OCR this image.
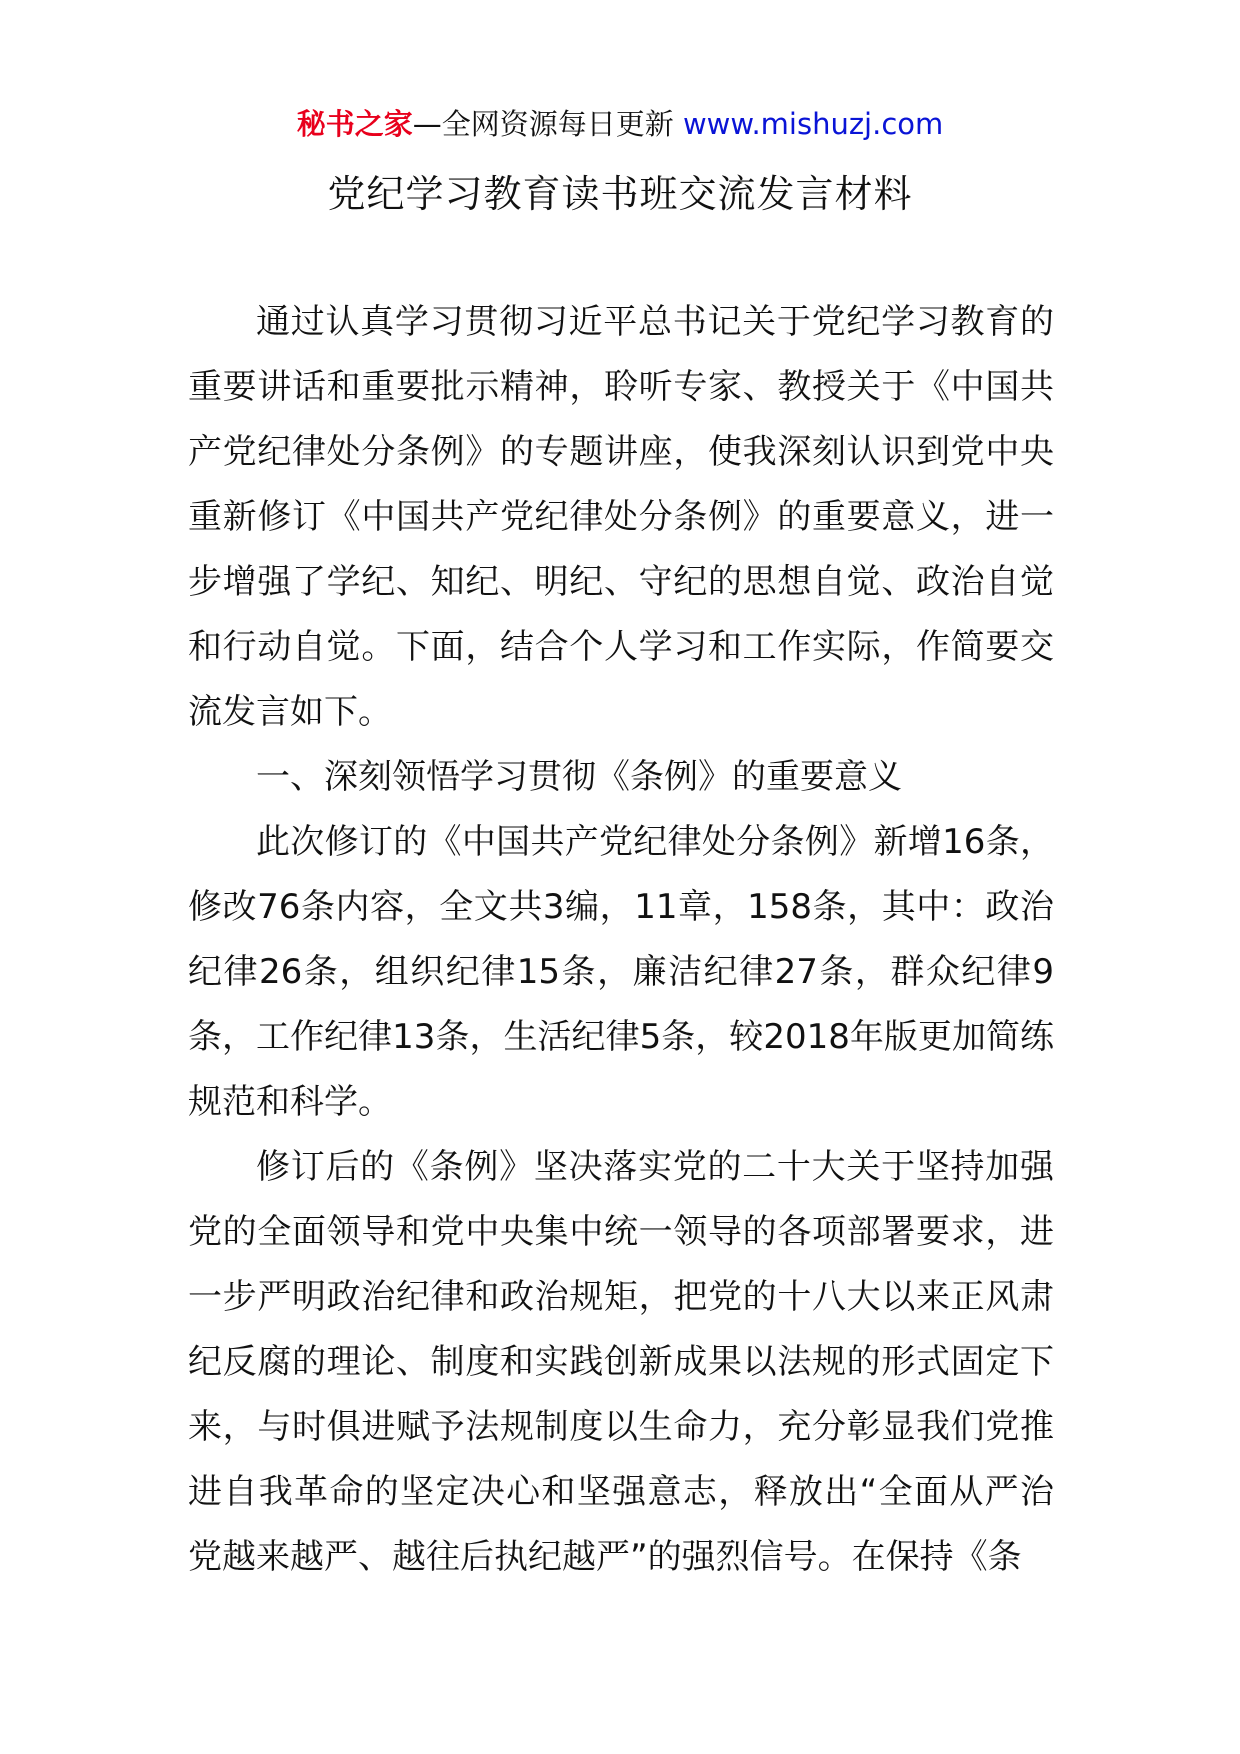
秘书之家—全网资源每日更新 www.mishuzj.com
党纪学习教育读书班交流发言材料

通过认真学习贯彻习近平总书记关于党纪学习教育的重要讲话和重要批示精神，聆听专家、教授关于《中国共产党纪律处分条例》的专题讲座，使我深刻认识到党中央重新修订《中国共产党纪律处分条例》的重要意义，进一步增强了学纪、知纪、明纪、守纪的思想自觉、政治自觉和行动自觉。下面，结合个人学习和工作实际，作简要交流发言如下。

一、深刻领悟学习贯彻《条例》的重要意义

此次修订的《中国共产党纪律处分条例》新增16条，修改76条内容，全文共3编，11章，158条，其中：政治纪律26条，组织纪律15条，廉洁纪律27条，群众纪律9条，工作纪律13条，生活纪律5条，较2018年版更加简练规范和科学。

修订后的《条例》坚决落实党的二十大关于坚持加强党的全面领导和党中央集中统一领导的各项部署要求，进一步严明政治纪律和政治规矩，把党的十八大以来正风肃纪反腐的理论、制度和实践创新成果以法规的形式固定下来，与时俱进赋予法规制度以生命力，充分彰显我们党推进自我革命的坚定决心和坚强意志，释放出“全面从严治党越来越严、越往后执纪越严”的强烈信号。在保持《条
